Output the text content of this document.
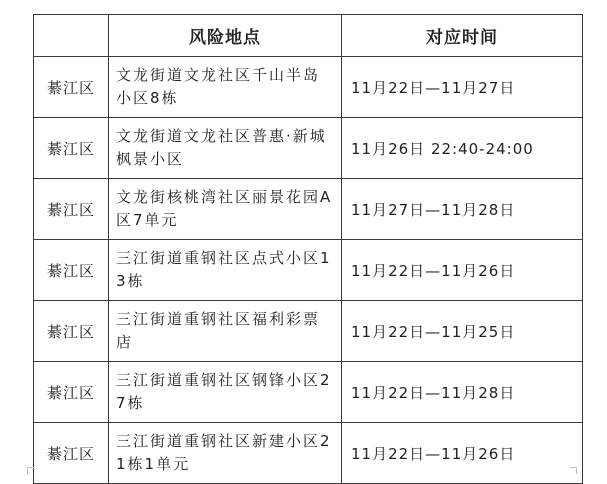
	风险地点	对应时间
綦江区	文龙街道文龙社区千山半岛小区8栋	11月22日—11月27日
綦江区	文龙街道文龙社区普惠·新城枫景小区	11月26日 22:40-24:00
綦江区	文龙街核桃湾社区丽景花园A区7单元	11月27日—11月28日
綦江区	三江街道重钢社区点式小区13栋	11月22日—11月26日
綦江区	三江街道重钢社区福利彩票店	11月22日—11月25日
綦江区	三江街道重钢社区钢锋小区27栋	11月22日—11月28日
綦江区	三江街道重钢社区新建小区21栋1单元	11月22日—11月26日
